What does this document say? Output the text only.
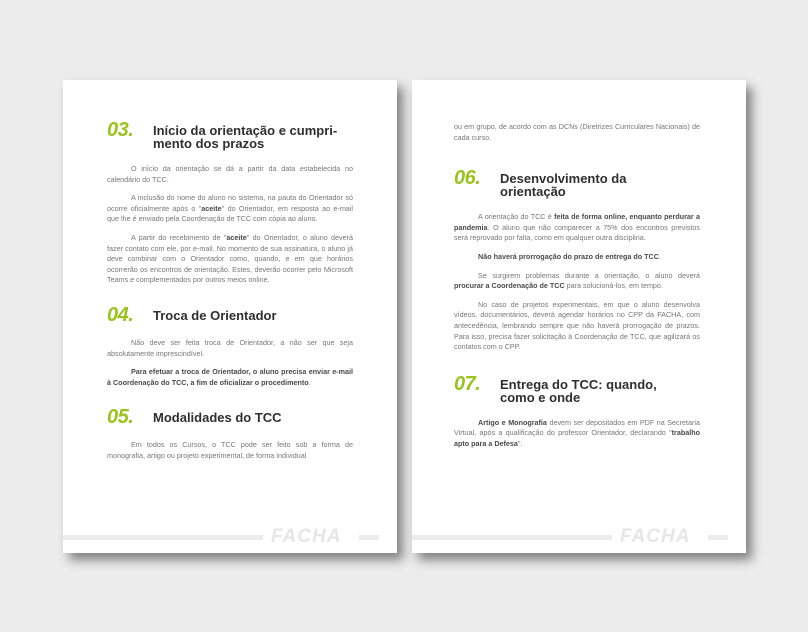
03.	Início da orientação e cumpri-
mento dos prazos

O início da orientação se dá a partir da data estabelecida no calendário do TCC.

A inclusão do nome do aluno no sistema, na pauta do Orientador só ocorre oficialmente após o "aceite" do Orientador, em resposta ao e-mail que lhe é enviado pela Coordenação de TCC com cópia ao aluno.

A partir do recebimento de "aceite" do Orientador, o aluno deverá fazer contato com ele, por e-mail. No momento de sua assinatura, o aluno já deve combinar com o Orientador como, quando, e em que horários ocorrerão os encontros de orientação. Estes, deverão ocorrer pelo Microsoft Teams e complementados por outros meios online.

04.	Troca de Orientador

Não deve ser feita troca de Orientador, a não ser que seja absolutamente imprescindível.

Para efetuar a troca de Orientador, o aluno precisa enviar e-mail à Coordenação do TCC, a fim de oficializar o procedimento.

05.	Modalidades do TCC

Em todos os Cursos, o TCC pode ser feito sob a forma de monografia, artigo ou projeto experimental, de forma individual

FACHA

ou em grupo, de acordo com as DCNs (Diretrizes Curriculares Nacionais) de cada curso.

06.	Desenvolvimento da
orientação

A orientação do TCC é feita de forma online, enquanto perdurar a pandemia. O aluno que não comparecer a 75% dos encontros previstos será reprovado por falta, como em qualquer outra disciplina.

Não haverá prorrogação do prazo de entrega do TCC.

Se surgirem problemas durante a orientação, o aluno deverá procurar a Coordenação de TCC para solucioná-los, em tempo.

No caso de projetos experimentais, em que o aluno desenvolva vídeos, documentários, deverá agendar horários no CPP da FACHA, com antecedência, lembrando sempre que não haverá prorrogação de prazos. Para isso, precisa fazer solicitação à Coordenação de TCC, que agilizará os contatos com o CPP.

07.	Entrega do TCC: quando,
como e onde

Artigo e Monografia devem ser depositados em PDF na Secretaria Virtual, após a qualificação do professor Orientador, declarando "trabalho apto para a Defesa".

FACHA
